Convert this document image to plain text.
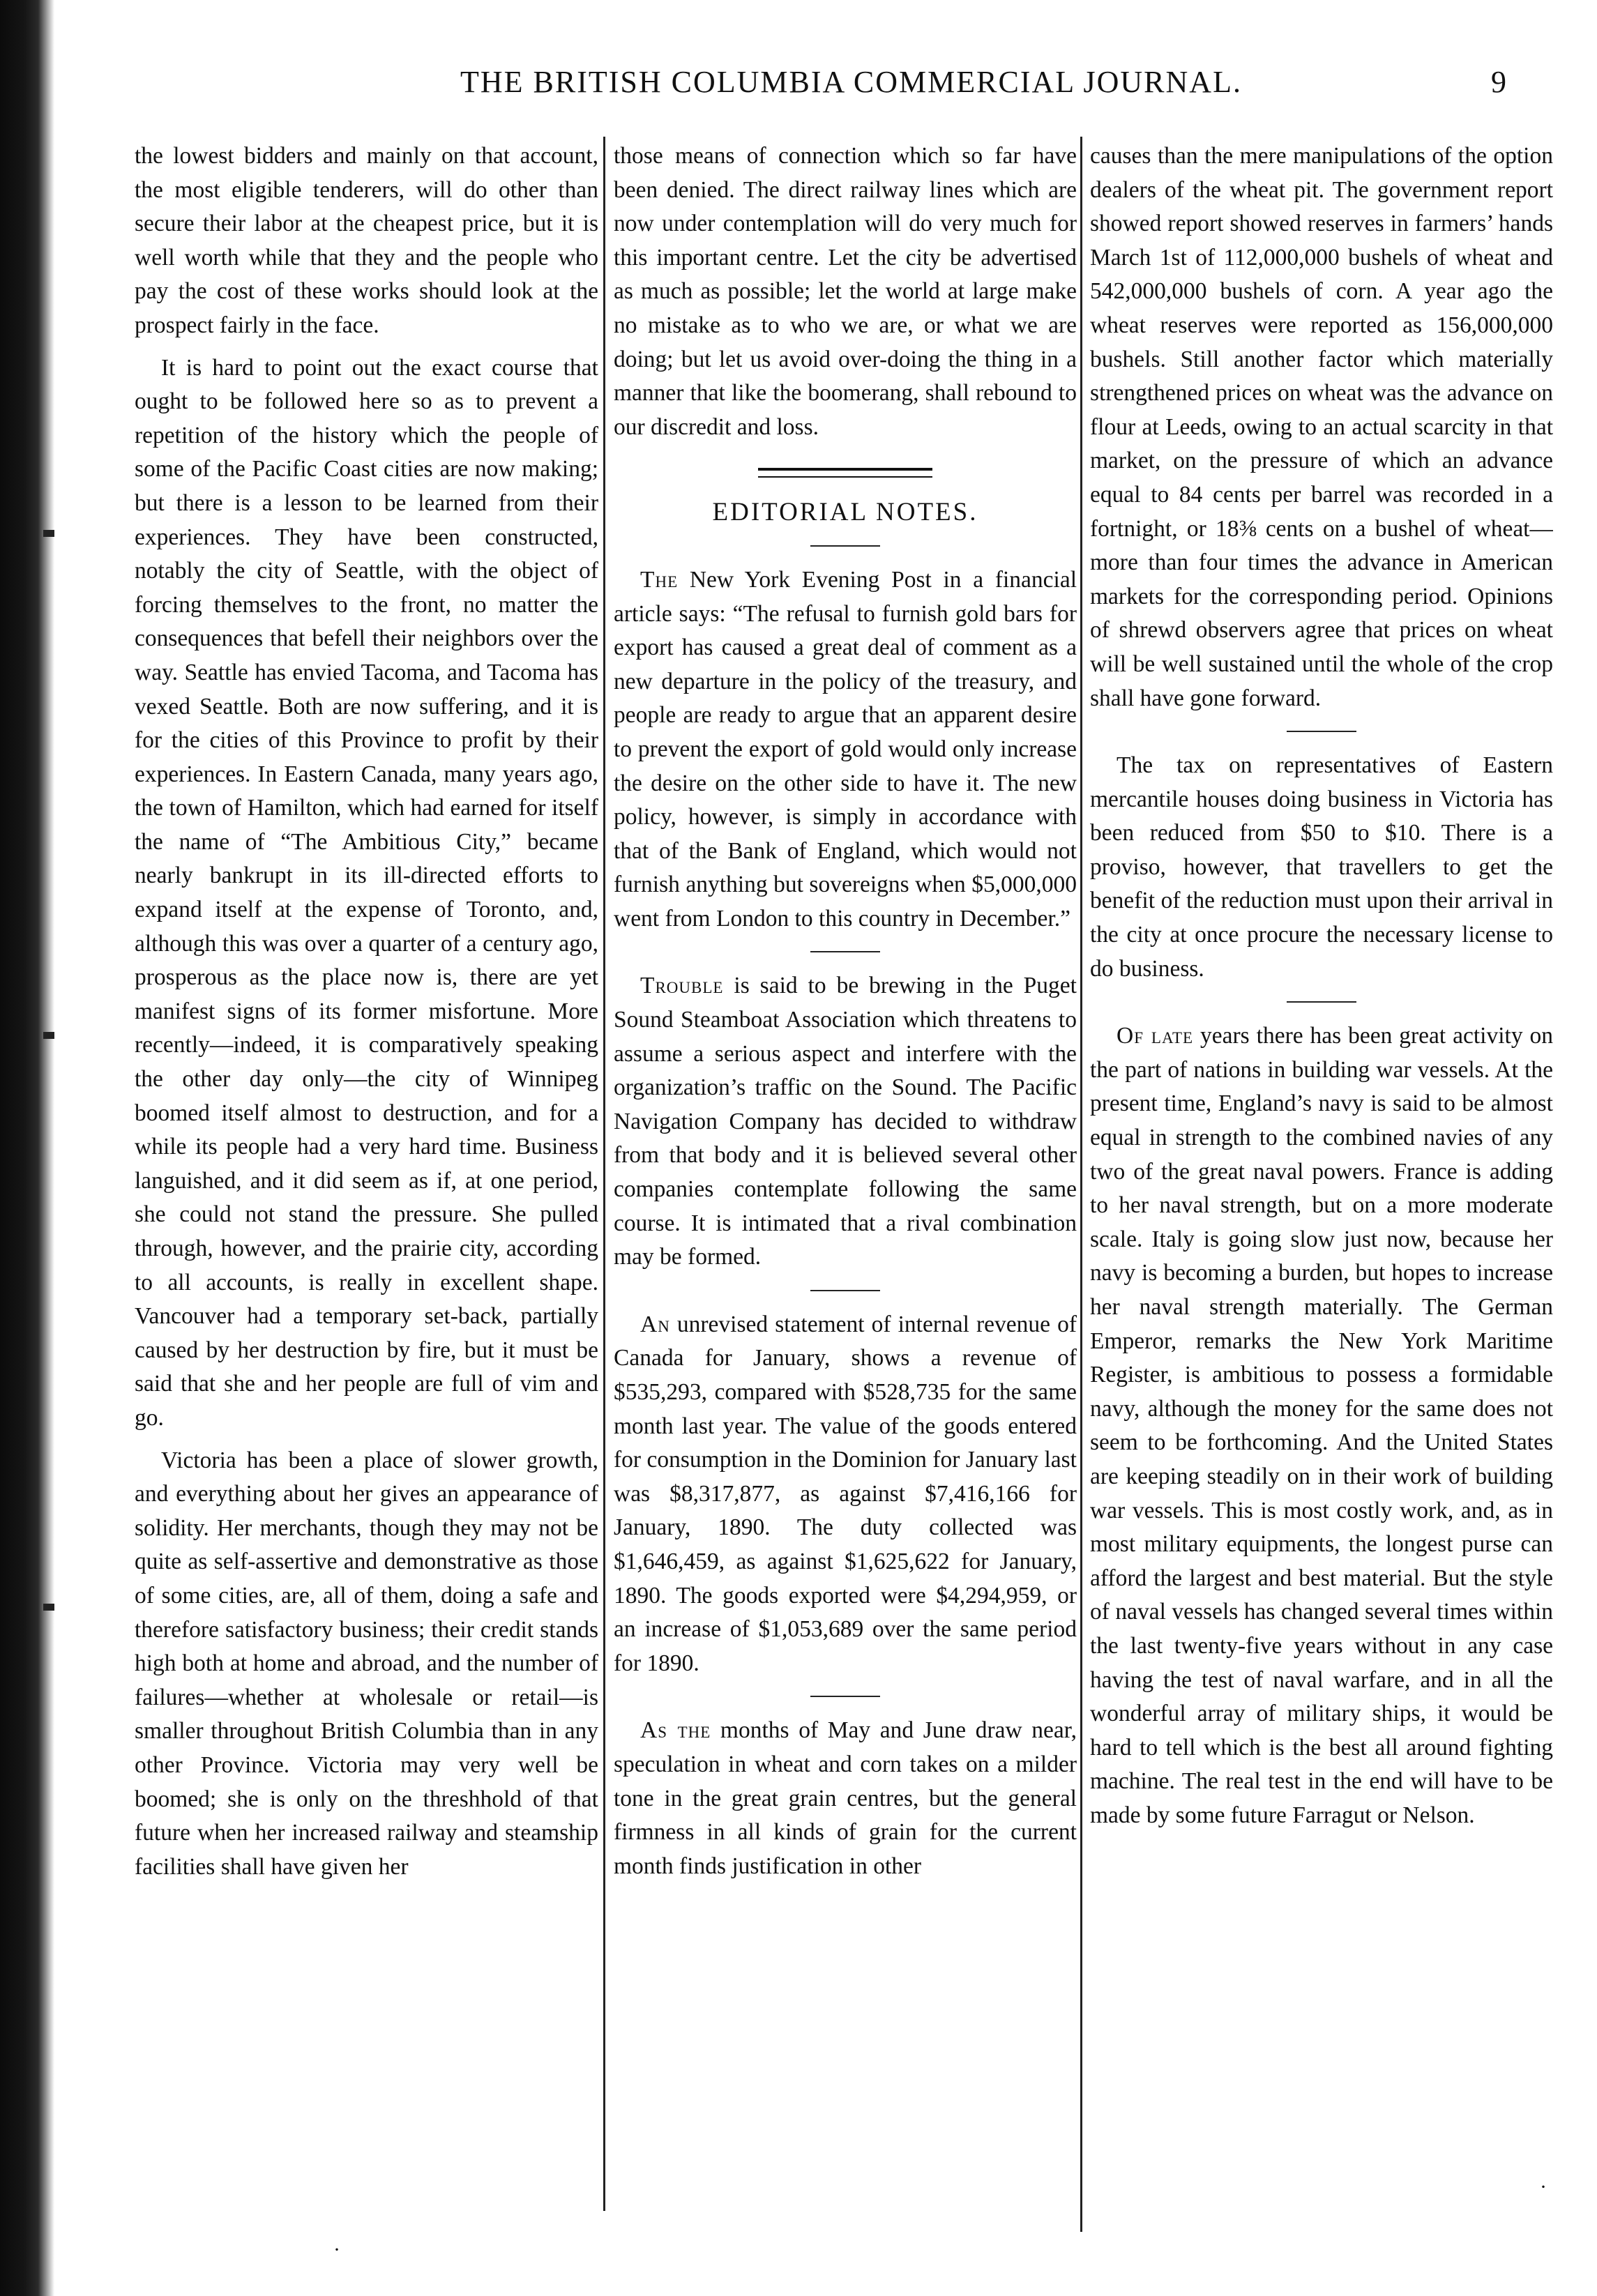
THE BRITISH COLUMBIA COMMERCIAL JOURNAL.	9

the lowest bidders and mainly on that account, the most eligible tenderers, will do other than secure their labor at the cheapest price, but it is well worth while that they and the people who pay the cost of these works should look at the prospect fairly in the face.

It is hard to point out the exact course that ought to be followed here so as to prevent a repetition of the history which the people of some of the Pacific Coast cities are now making; but there is a lesson to be learned from their experiences. They have been constructed, notably the city of Seattle, with the object of forcing themselves to the front, no matter the consequences that befell their neighbors over the way. Seattle has envied Tacoma, and Tacoma has vexed Seattle. Both are now suffering, and it is for the cities of this Province to profit by their experiences. In Eastern Canada, many years ago, the town of Hamilton, which had earned for itself the name of “The Ambitious City,” became nearly bankrupt in its ill-directed efforts to expand itself at the expense of Toronto, and, although this was over a quarter of a century ago, prosperous as the place now is, there are yet manifest signs of its former misfortune. More recently—indeed, it is comparatively speaking the other day only—the city of Winnipeg boomed itself almost to destruction, and for a while its people had a very hard time. Business languished, and it did seem as if, at one period, she could not stand the pressure. She pulled through, however, and the prairie city, according to all accounts, is really in excellent shape. Vancouver had a temporary set-back, partially caused by her destruction by fire, but it must be said that she and her people are full of vim and go.

Victoria has been a place of slower growth, and everything about her gives an appearance of solidity. Her merchants, though they may not be quite as self-assertive and demonstrative as those of some cities, are, all of them, doing a safe and therefore satisfactory business; their credit stands high both at home and abroad, and the number of failures—whether at wholesale or retail—is smaller throughout British Columbia than in any other Province. Victoria may very well be boomed; she is only on the threshhold of that future when her increased railway and steamship facilities shall have given her

those means of connection which so far have been denied. The direct railway lines which are now under contemplation will do very much for this important centre. Let the city be advertised as much as possible; let the world at large make no mistake as to who we are, or what we are doing; but let us avoid over-doing the thing in a manner that like the boomerang, shall rebound to our discredit and loss.

EDITORIAL NOTES.

The New York Evening Post in a financial article says: “The refusal to furnish gold bars for export has caused a great deal of comment as a new departure in the policy of the treasury, and people are ready to argue that an apparent desire to prevent the export of gold would only increase the desire on the other side to have it. The new policy, however, is simply in accordance with that of the Bank of England, which would not furnish anything but sovereigns when $5,000,000 went from London to this country in December.”

Trouble is said to be brewing in the Puget Sound Steamboat Association which threatens to assume a serious aspect and interfere with the organization’s traffic on the Sound. The Pacific Navigation Company has decided to withdraw from that body and it is believed several other companies contemplate following the same course. It is intimated that a rival combination may be formed.

An unrevised statement of internal revenue of Canada for January, shows a revenue of $535,293, compared with $528,735 for the same month last year. The value of the goods entered for consumption in the Dominion for January last was $8,317,877, as against $7,416,166 for January, 1890. The duty collected was $1,646,459, as against $1,625,622 for January, 1890. The goods exported were $4,294,959, or an increase of $1,053,689 over the same period for 1890.

As the months of May and June draw near, speculation in wheat and corn takes on a milder tone in the great grain centres, but the general firmness in all kinds of grain for the current month finds justification in other

causes than the mere manipulations of the option dealers of the wheat pit. The government report showed report showed reserves in farmers’ hands March 1st of 112,000,000 bushels of wheat and 542,000,000 bushels of corn. A year ago the wheat reserves were reported as 156,000,000 bushels. Still another factor which materially strengthened prices on wheat was the advance on flour at Leeds, owing to an actual scarcity in that market, on the pressure of which an advance equal to 84 cents per barrel was recorded in a fortnight, or 18⅜ cents on a bushel of wheat—more than four times the advance in American markets for the corresponding period. Opinions of shrewd observers agree that prices on wheat will be well sustained until the whole of the crop shall have gone forward.

The tax on representatives of Eastern mercantile houses doing business in Victoria has been reduced from $50 to $10. There is a proviso, however, that travellers to get the benefit of the reduction must upon their arrival in the city at once procure the necessary license to do business.

Of late years there has been great activity on the part of nations in building war vessels. At the present time, England’s navy is said to be almost equal in strength to the combined navies of any two of the great naval powers. France is adding to her naval strength, but on a more moderate scale. Italy is going slow just now, because her navy is becoming a burden, but hopes to increase her naval strength materially. The German Emperor, remarks the New York Maritime Register, is ambitious to possess a formidable navy, although the money for the same does not seem to be forthcoming. And the United States are keeping steadily on in their work of building war vessels. This is most costly work, and, as in most military equipments, the longest purse can afford the largest and best material. But the style of naval vessels has changed several times within the last twenty-five years without in any case having the test of naval warfare, and in all the wonderful array of military ships, it would be hard to tell which is the best all around fighting machine. The real test in the end will have to be made by some future Farragut or Nelson.

·
·
